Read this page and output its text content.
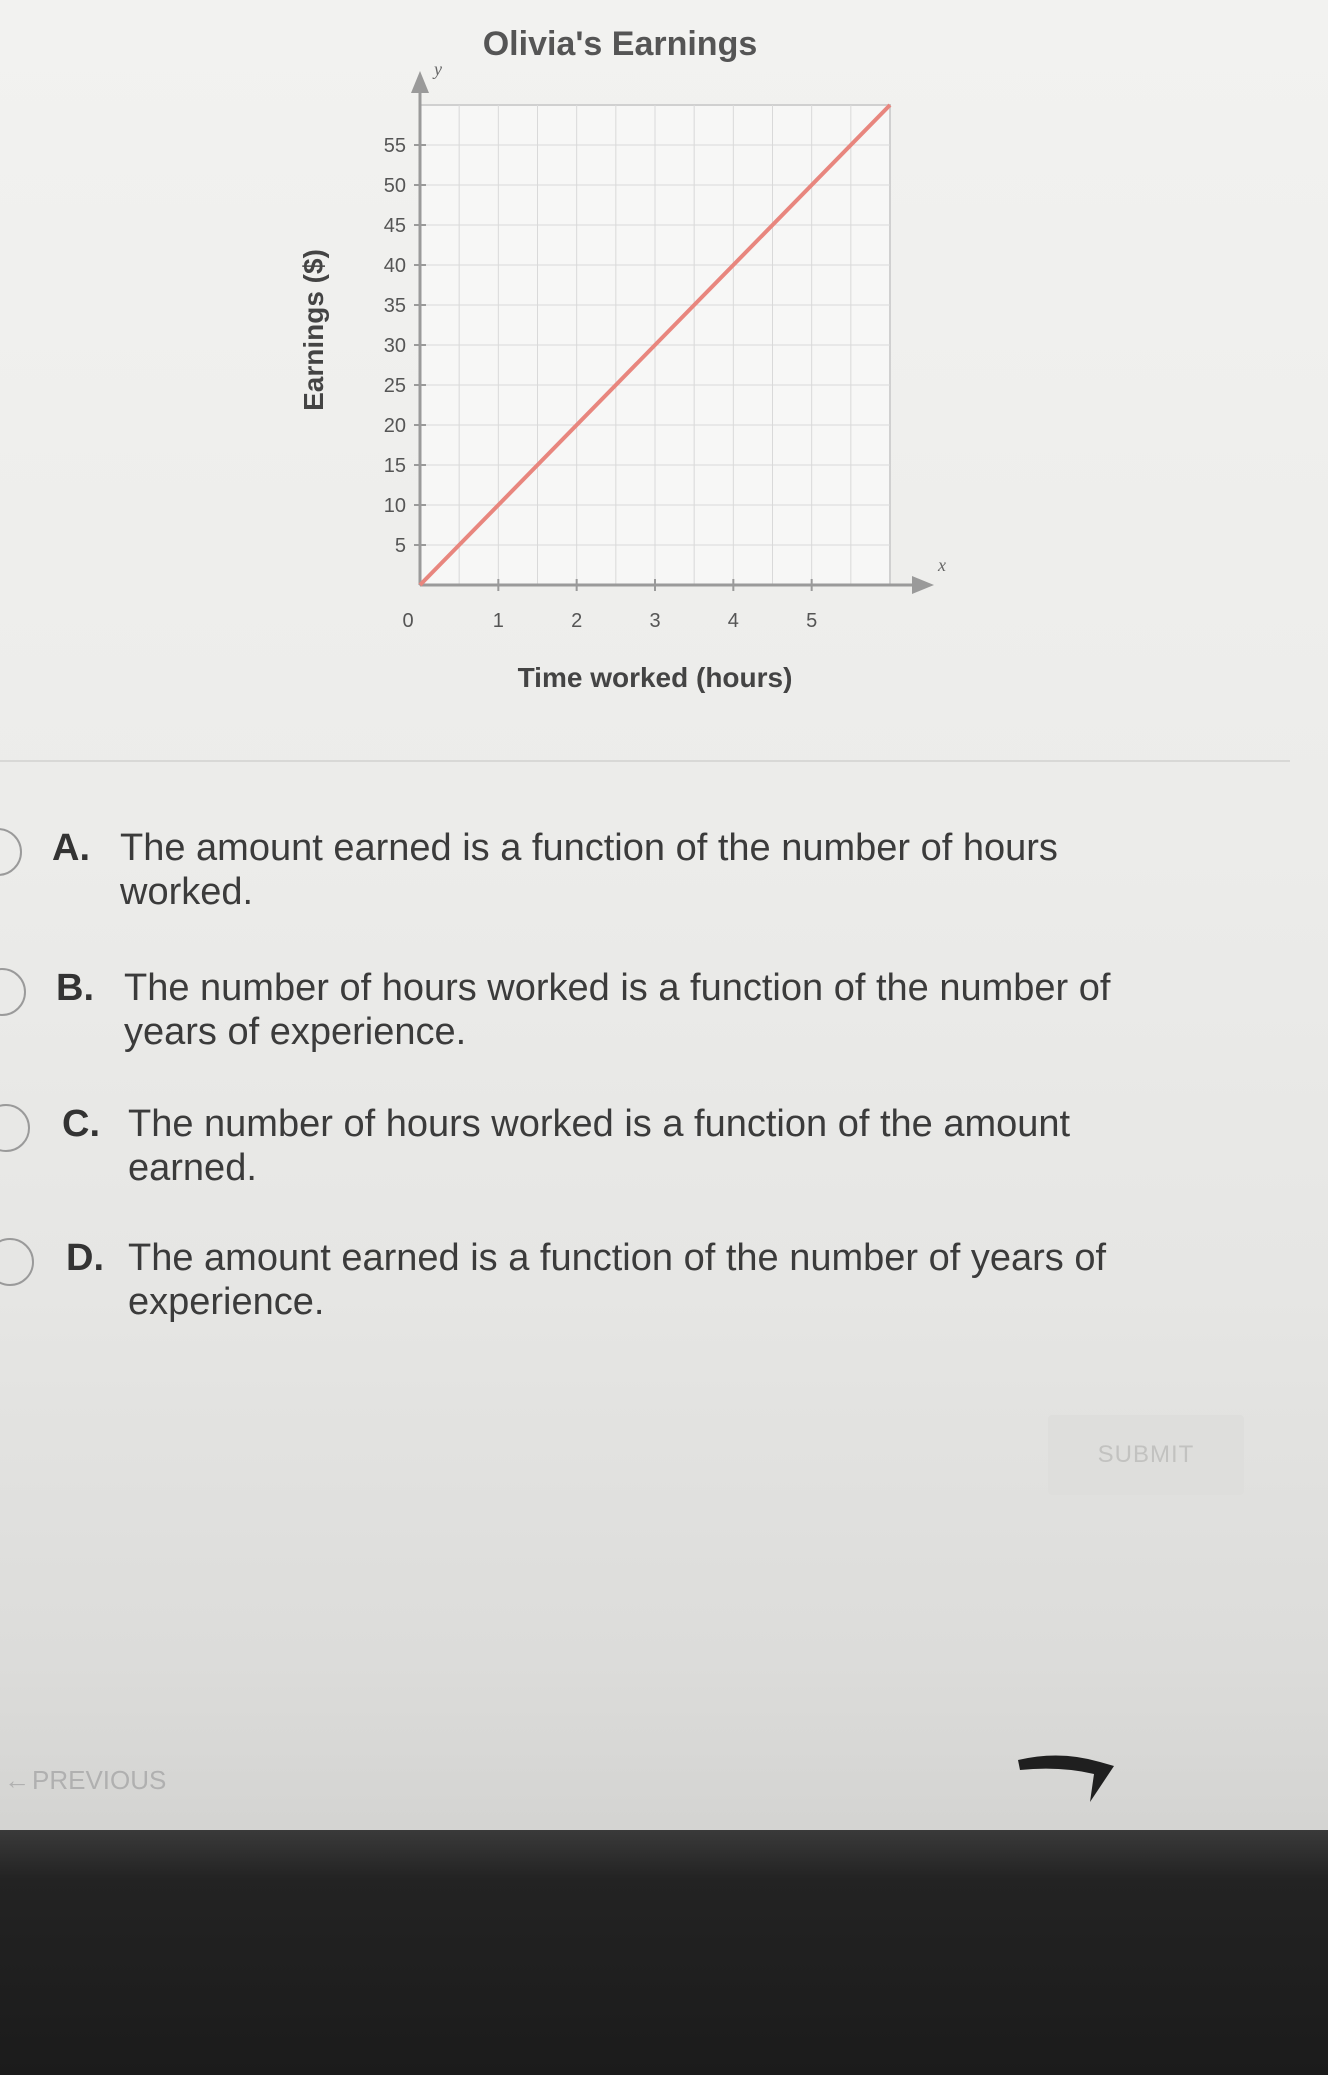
x
y
5
10
15
20
25
30
35
40
45
50
55
0	1	2	3	4	5
Olivia's Earnings
Time worked (hours)
Earnings ($)
A. The amount earned is a function of the number of hours worked.
B. The number of hours worked is a function of the number of years of experience.
C. The number of hours worked is a function of the amount earned.
D. The amount earned is a function of the number of years of experience.
SUBMIT
←PREVIOUS
